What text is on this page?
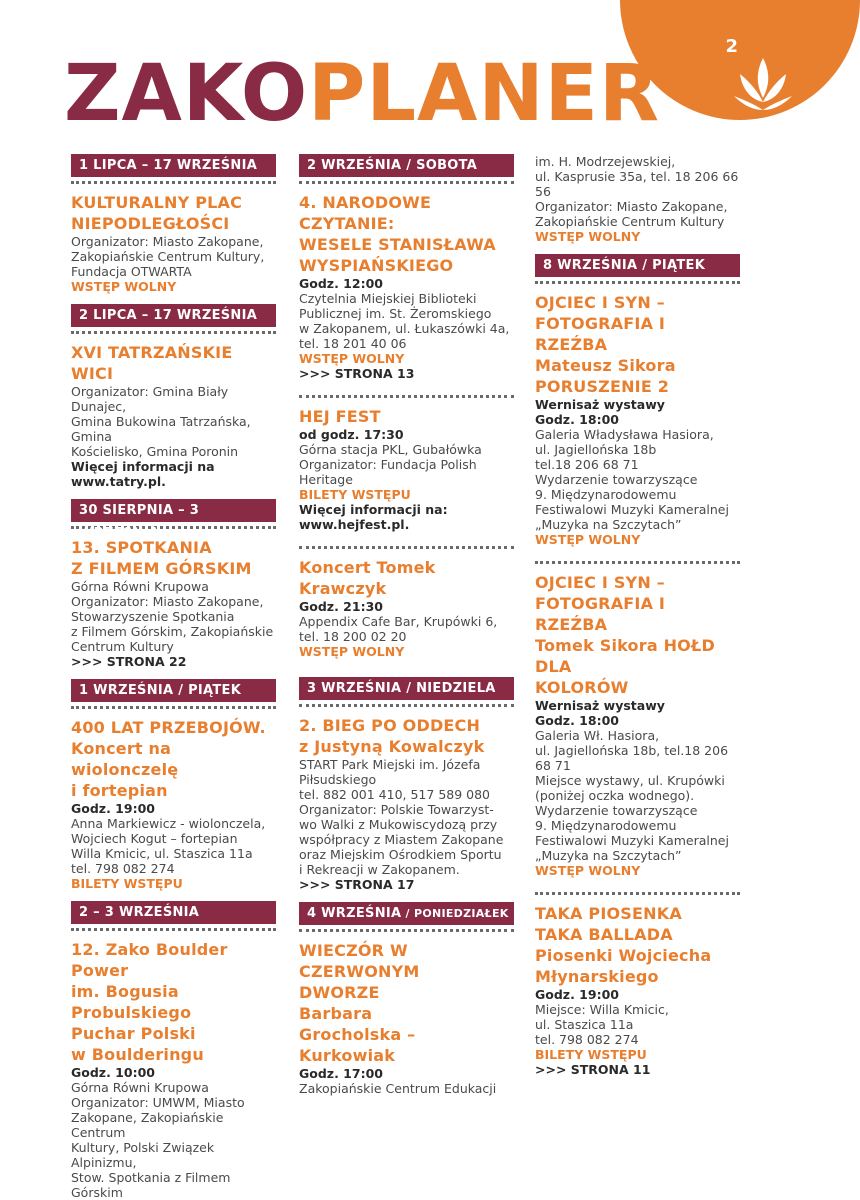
2
ZAKOPLANER
1 LIPCA – 17 WRZEŚNIA
KULTURALNY PLAC
NIEPODLEGŁOŚCI
Organizator: Miasto Zakopane,
Zakopiańskie Centrum Kultury,
Fundacja OTWARTA
WSTĘP WOLNY
2 LIPCA – 17 WRZEŚNIA
XVI TATRZAŃSKIE WICI
Organizator: Gmina Biały Dunajec,
Gmina Bukowina Tatrzańska, Gmina
Kościelisko, Gmina Poronin
Więcej informacji na www.tatry.pl.
30 SIERPNIA – 3 WRZEŚNIA
13. SPOTKANIA
Z FILMEM GÓRSKIM
Górna Równi Krupowa
Organizator: Miasto Zakopane,
Stowarzyszenie Spotkania
z Filmem Górskim, Zakopiańskie
Centrum Kultury
>>> STRONA 22
1 WRZEŚNIA / PIĄTEK
400 LAT PRZEBOJÓW.
Koncert na wiolonczelę
i fortepian
Godz. 19:00
Anna Markiewicz - wiolonczela,
Wojciech Kogut – fortepian
Willa Kmicic, ul. Staszica 11a
tel. 798 082 274
BILETY WSTĘPU
2 – 3 WRZEŚNIA
12. Zako Boulder Power
im. Bogusia Probulskiego
Puchar Polski
w Boulderingu
Godz. 10:00
Górna Równi Krupowa
Organizator: UMWM, Miasto
Zakopane, Zakopiańskie Centrum
Kultury, Polski Związek Alpinizmu,
Stow. Spotkania z Filmem Górskim
2 WRZEŚNIA / SOBOTA
4. NARODOWE CZYTANIE:
WESELE STANISŁAWA
WYSPIAŃSKIEGO
Godz. 12:00
Czytelnia Miejskiej Biblioteki
Publicznej im. St. Żeromskiego
w Zakopanem, ul. Łukaszówki 4a,
tel. 18 201 40 06
WSTĘP WOLNY
>>> STRONA 13
HEJ FEST
od godz. 17:30
Górna stacja PKL, Gubałówka
Organizator: Fundacja Polish
Heritage
BILETY WSTĘPU
Więcej informacji na:
www.hejfest.pl.
Koncert Tomek Krawczyk
Godz. 21:30
Appendix Cafe Bar, Krupówki 6,
tel. 18 200 02 20
WSTĘP WOLNY
3 WRZEŚNIA / NIEDZIELA
2. BIEG PO ODDECH
z Justyną Kowalczyk
START Park Miejski im. Józefa
Piłsudskiego
tel. 882 001 410, 517 589 080
Organizator: Polskie Towarzyst-
wo Walki z Mukowiscydozą przy
współpracy z Miastem Zakopane
oraz Miejskim Ośrodkiem Sportu
i Rekreacji w Zakopanem.
>>> STRONA 17
4 WRZEŚNIA / PONIEDZIAŁEK
WIECZÓR W CZERWONYM
DWORZE
Barbara
Grocholska – Kurkowiak
Godz. 17:00
Zakopiańskie Centrum Edukacji
im. H. Modrzejewskiej,
ul. Kasprusie 35a, tel. 18 206 66 56
Organizator: Miasto Zakopane,
Zakopiańskie Centrum Kultury
WSTĘP WOLNY
8 WRZEŚNIA / PIĄTEK
OJCIEC I SYN –
FOTOGRAFIA I RZEŹBA
Mateusz Sikora
PORUSZENIE 2
Wernisaż wystawy
Godz. 18:00
Galeria Władysława Hasiora,
ul. Jagiellońska 18b
tel.18 206 68 71
Wydarzenie towarzyszące
9. Międzynarodowemu
Festiwalowi Muzyki Kameralnej
„Muzyka na Szczytach”
WSTĘP WOLNY
OJCIEC I SYN –
FOTOGRAFIA I RZEŹBA
Tomek Sikora HOŁD DLA
KOLORÓW
Wernisaż wystawy
Godz. 18:00
Galeria Wł. Hasiora,
ul. Jagiellońska 18b, tel.18 206 68 71
Miejsce wystawy, ul. Krupówki
(poniżej oczka wodnego).
Wydarzenie towarzyszące
9. Międzynarodowemu
Festiwalowi Muzyki Kameralnej
„Muzyka na Szczytach”
WSTĘP WOLNY
TAKA PIOSENKA
TAKA BALLADA
Piosenki Wojciecha
Młynarskiego
Godz. 19:00
Miejsce: Willa Kmicic,
ul. Staszica 11a
tel. 798 082 274
BILETY WSTĘPU
>>> STRONA 11
